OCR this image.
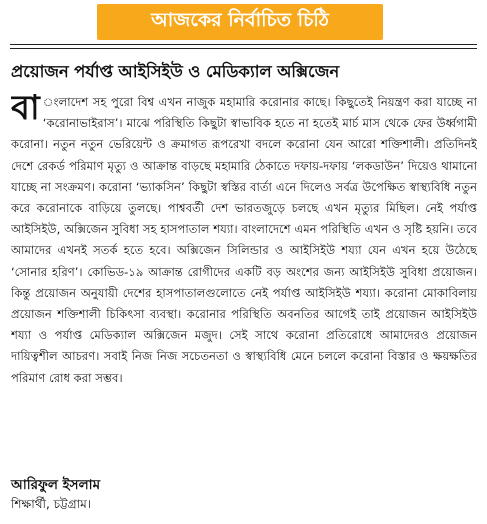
আজকের নির্বাচিত চিঠি
প্রয়োজন পর্যাপ্ত আইসিইউ ও মেডিক্যাল অক্সিজেন

বা ংলাদেশ সহ পুরো বিশ্ব এখন নাজুক মহামারি করোনার কাছে। কিছুতেই নিয়ন্ত্রণ করা যাচ্ছে না ‘করোনাভাইরাস’। মাঝে পরিস্থিতি কিছুটা স্বাভাবিক হতে না হতেই মার্চ মাস থেকে ফের উর্ধ্বগামী করোনা। নতুন নতুন ভেরিয়েন্ট ও ক্রমাগত রূপরেখা বদলে করোনা যেন আরো শক্তিশালী। প্রতিদিনই দেশে রেকর্ড পরিমাণ মৃত্যু ও আক্রান্ত বাড়ছে মহামারি ঠেকাতে দফায়-দফায় ‘লকডাউন’ দিয়েও থামানো যাচ্ছে না সংক্রমণ। করোনা ‘ভ্যাকসিন’ কিছুটা স্বস্তির বার্তা এনে দিলেও সর্বত্র উপেক্ষিত স্বাস্থ্যবিধি নতুন করে করোনাকে বাড়িয়ে তুলছে। পাশ্ববর্তী দেশ ভারতজুড়ে চলছে এখন মৃত্যুর মিছিল। নেই পর্যাপ্ত আইসিইউ, অক্সিজেন সুবিধা সহ হাসপাতাল শয্যা। বাংলাদেশে এমন পরিস্থিতি এখন ও সৃষ্টি হয়নি। তবে আমাদের এখনই সতর্ক হতে হবে। অক্সিজেন সিলিন্ডার ও আইসিইউ শয্যা যেন এখন হয়ে উঠেছে ‘সোনার হরিণ’। কোভিড-১৯ আক্রান্ত রোগীদের একটি বড় অংশের জন্য আইসিইউ সুবিধা প্রয়োজন। কিন্তু প্রয়োজন অনুযায়ী দেশের হাসপাতালগুলোতে নেই পর্যাপ্ত আইসিইউ শয্যা। করোনা মোকাবিলায় প্রয়োজন শক্তিশালী চিকিৎসা ব্যবস্থা। করোনার পরিস্থিতি অবনতির আগেই তাই প্রয়োজন আইসিইউ শয্যা ও পর্যাপ্ত মেডিক্যাল অক্সিজেন মজুদ। সেই সাথে করোনা প্রতিরোধে আমাদেরও প্রয়োজন দায়িত্বশীল আচরণ। সবাই নিজ নিজ সচেতনতা ও স্বাস্থ্যবিধি মেনে চললে করোনা বিস্তার ও ক্ষয়ক্ষতির পরিমাণ রোধ করা সম্ভব।

আরিফুল ইসলাম
শিক্ষার্থী, চট্টগ্রাম।
